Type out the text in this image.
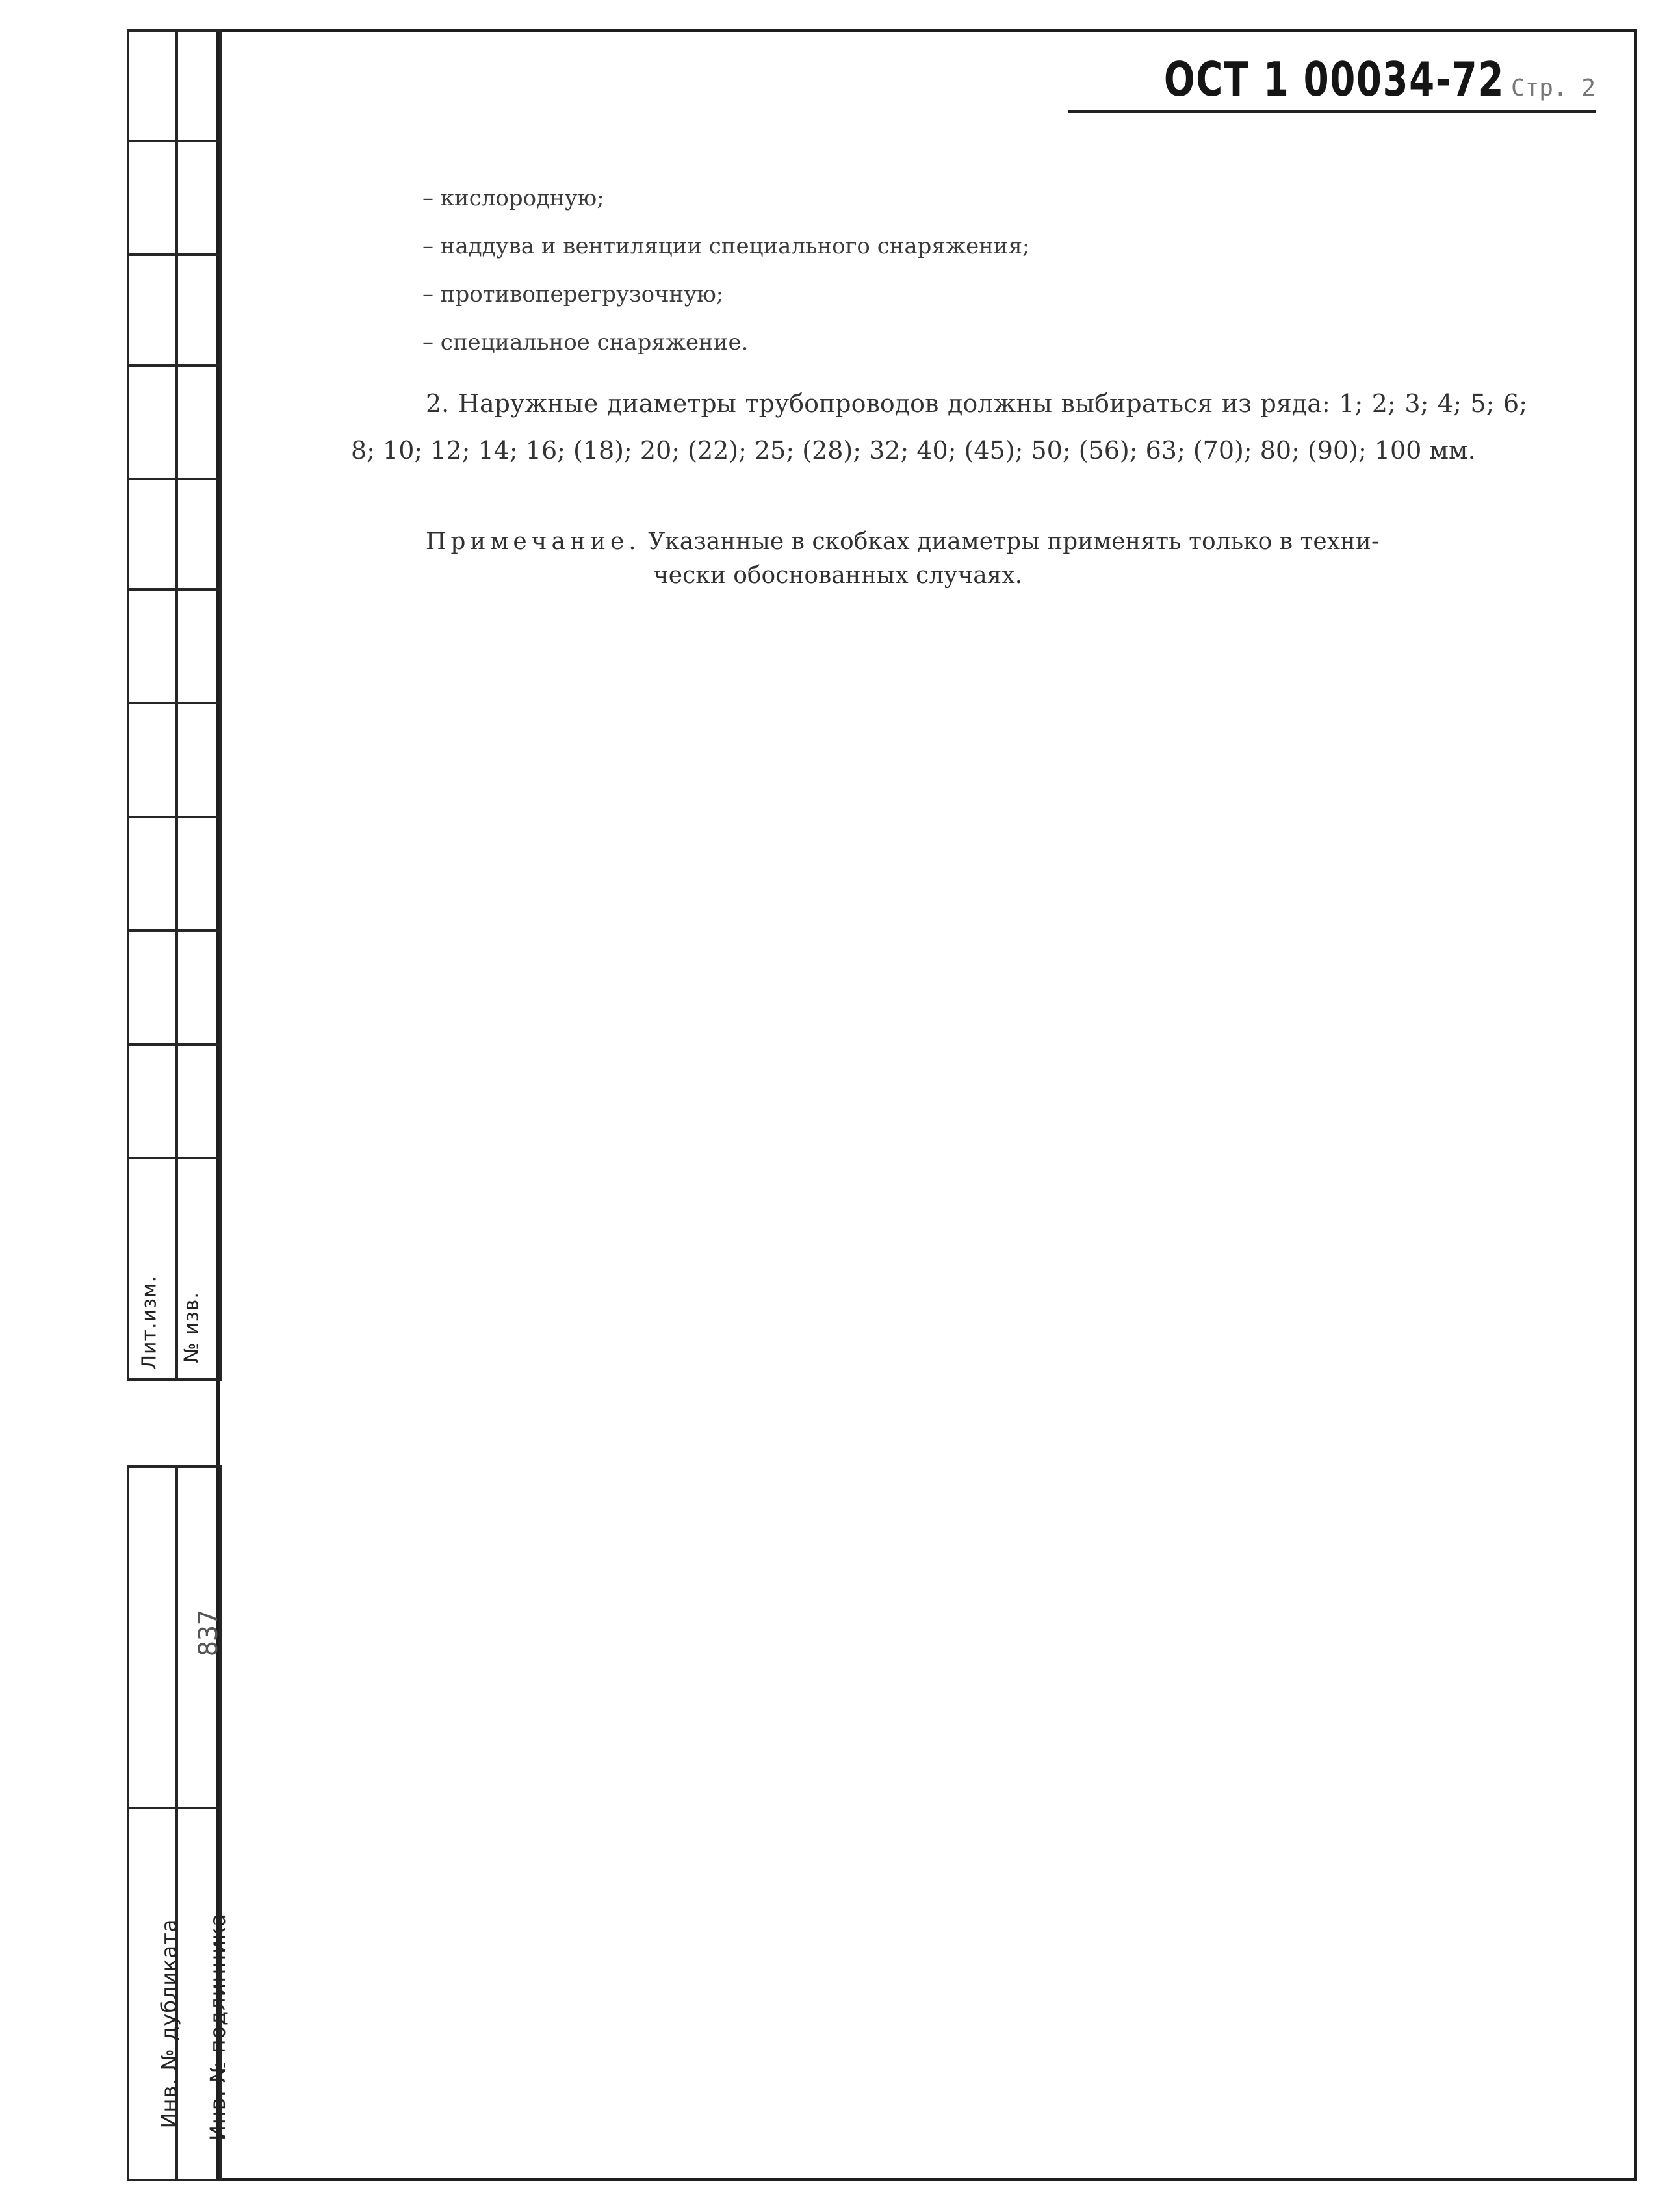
Лит.изм. № изв.
837
Инв. № дубликата Инв. № подлинника
ОСТ 1 00034-72 Стр. 2
– кислородную;
– наддува и вентиляции специального снаряжения;
– противоперегрузочную;
– специальное снаряжение.
2. Наружные диаметры трубопроводов должны выбираться из ряда: 1; 2; 3; 4; 5; 6; 8; 10; 12; 14; 16; (18); 20; (22); 25; (28); 32; 40; (45); 50; (56); 63; (70); 80; (90); 100 мм.
Примечание. Указанные в скобках диаметры применять только в техни-
чески обоснованных случаях.
